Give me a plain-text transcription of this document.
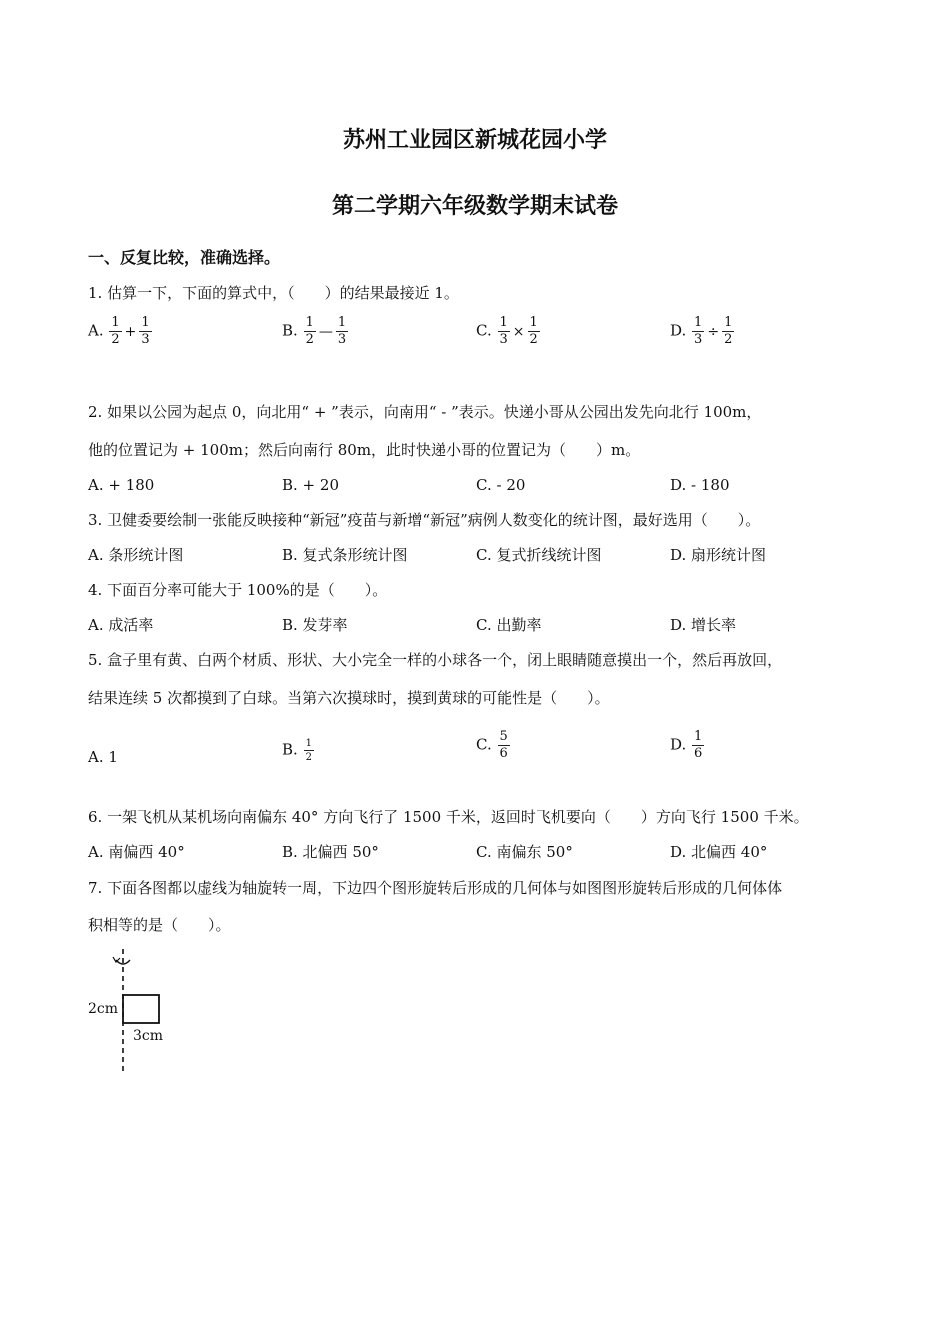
苏州工业园区新城花园小学
第二学期六年级数学期末试卷
一、反复比较，准确选择。
1. 估算一下，下面的算式中，（　　）的结果最接近 1。
A. $\frac{1}{2} + \frac{1}{3}$	B. $\frac{1}{2}$ — $\frac{1}{3}$	C. $\frac{1}{3} \times \frac{1}{2}$	D. $\frac{1}{3} \div \frac{1}{2}$
2. 如果以公园为起点 0，向北用“ + ”表示，向南用“ - ”表示。快递小哥从公园出发先向北行 100m，
他的位置记为 + 100m；然后向南行 80m，此时快递小哥的位置记为（　　）m。
A. + 180	B. + 20	C. - 20	D. - 180
3. 卫健委要绘制一张能反映接种“新冠”疫苗与新增“新冠”病例人数变化的统计图，最好选用（　　）。
A. 条形统计图	B. 复式条形统计图	C. 复式折线统计图	D. 扇形统计图
4. 下面百分率可能大于 100%的是（　　）。
A. 成活率	B. 发芽率	C. 出勤率	D. 增长率
5. 盒子里有黄、白两个材质、形状、大小完全一样的小球各一个，闭上眼睛随意摸出一个，然后再放回，
结果连续 5 次都摸到了白球。当第六次摸球时，摸到黄球的可能性是（　　）。
A. 1	B. $\frac{1}{2}$	C. $\frac{5}{6}$	D. $\frac{1}{6}$
6. 一架飞机从某机场向南偏东 40° 方向飞行了 1500 千米，返回时飞机要向（　　）方向飞行 1500 千米。
A. 南偏西 40°	B. 北偏西 50°	C. 南偏东 50°	D. 北偏西 40°
7. 下面各图都以虚线为轴旋转一周，下边四个图形旋转后形成的几何体与如图图形旋转后形成的几何体体
积相等的是（　　）。
2cm
3cm
